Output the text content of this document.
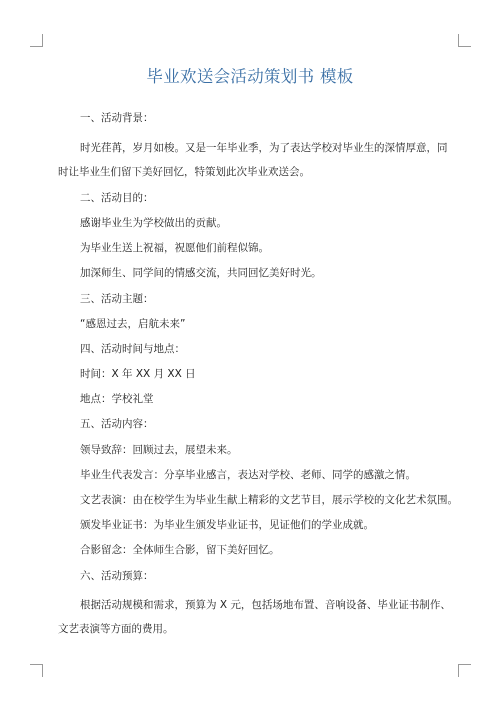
毕业欢送会活动策划书 模板
一、活动背景：
时光荏苒，岁月如梭。又是一年毕业季，为了表达学校对毕业生的深情厚意，同
时让毕业生们留下美好回忆，特策划此次毕业欢送会。
二、活动目的：
感谢毕业生为学校做出的贡献。
为毕业生送上祝福，祝愿他们前程似锦。
加深师生、同学间的情感交流，共同回忆美好时光。
三、活动主题：
“感恩过去，启航未来”
四、活动时间与地点：
时间：X 年 XX 月 XX 日
地点：学校礼堂
五、活动内容：
领导致辞：回顾过去，展望未来。
毕业生代表发言：分享毕业感言，表达对学校、老师、同学的感激之情。
文艺表演：由在校学生为毕业生献上精彩的文艺节目，展示学校的文化艺术氛围。
颁发毕业证书：为毕业生颁发毕业证书，见证他们的学业成就。
合影留念：全体师生合影，留下美好回忆。
六、活动预算：
根据活动规模和需求，预算为 X 元，包括场地布置、音响设备、毕业证书制作、
文艺表演等方面的费用。
